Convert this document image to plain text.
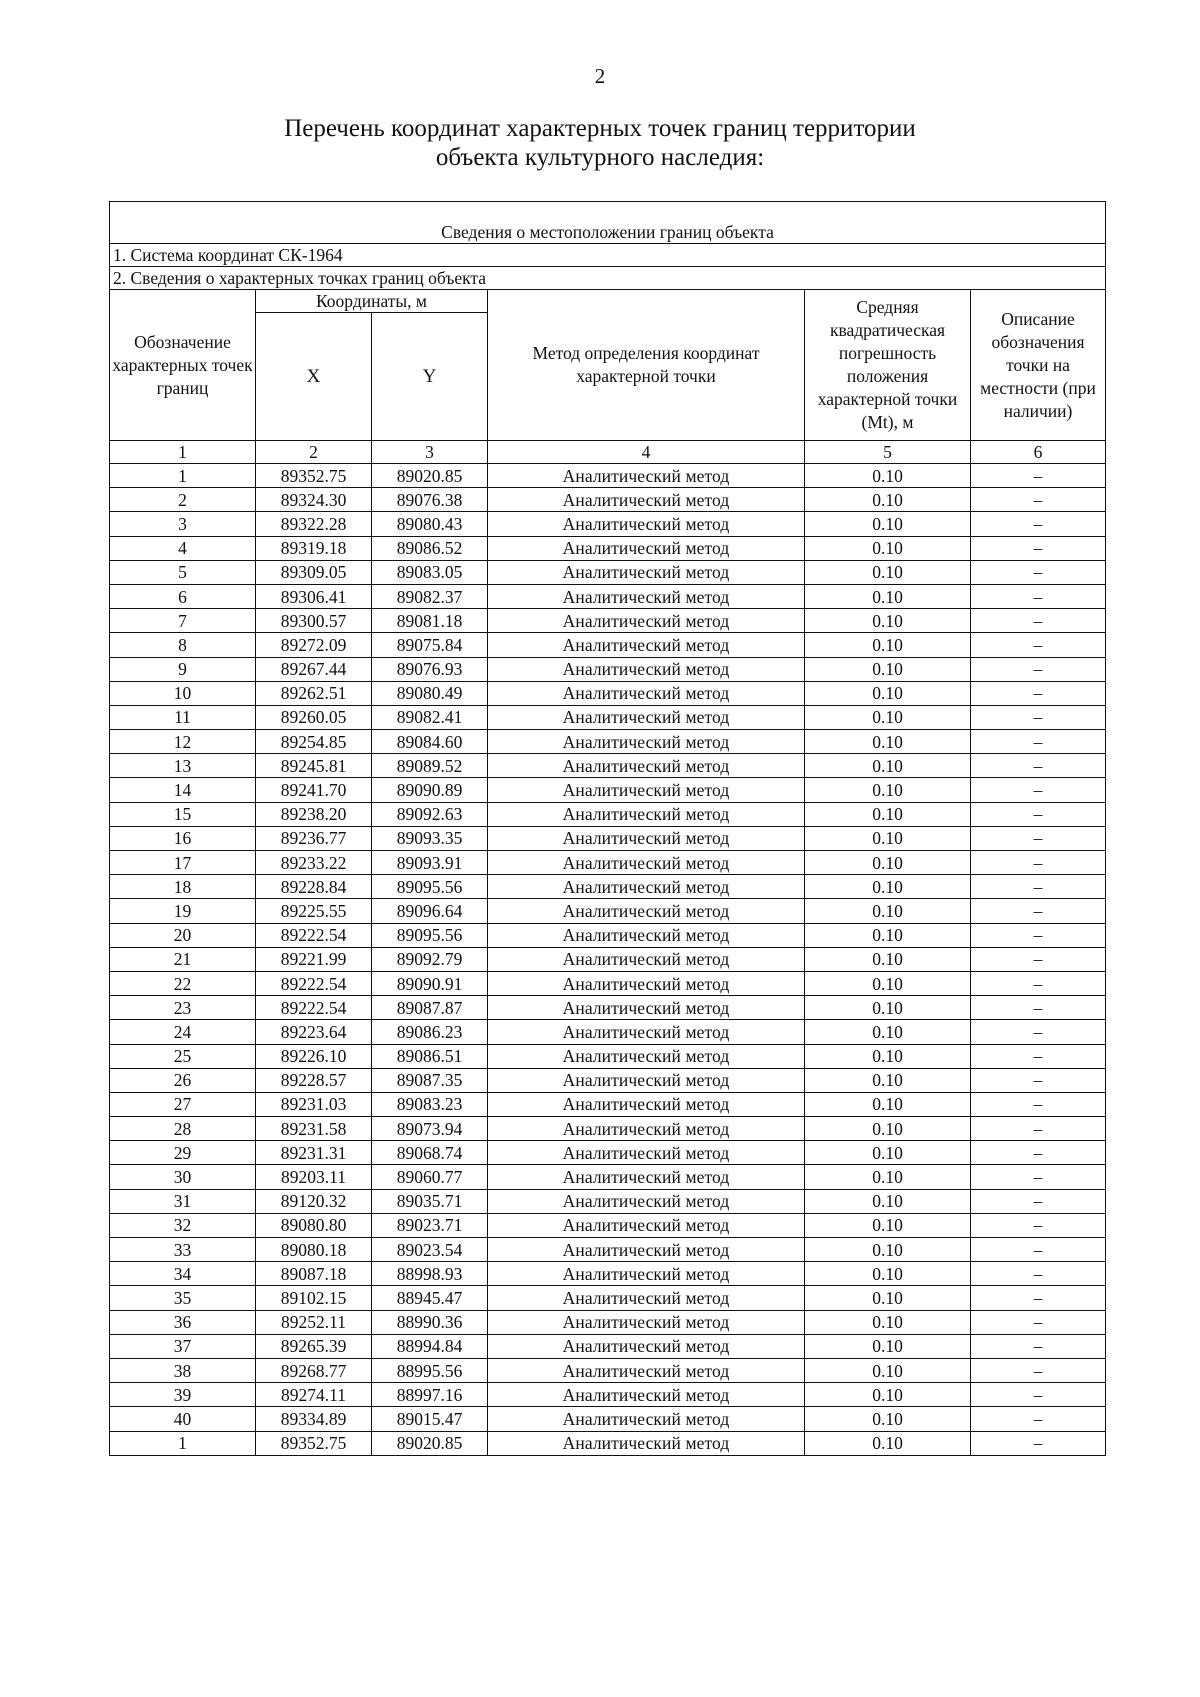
2
Перечень координат характерных точек границ территории
объекта культурного наследия:
Сведения о местоположении границ объекта					
1. Система координат СК-1964					
2. Сведения о характерных точках границ объекта					
Обозначение характерных точек границ	Координаты, м		Метод определения координат характерной точки	Средняя квадратическая погрешность положения характерной точки (Мt), м	Описание обозначения точки на местности (при наличии)
	X	Y			
1	2	3	4	5	6
1	89352.75	89020.85	Аналитический метод	0.10	–
2	89324.30	89076.38	Аналитический метод	0.10	–
3	89322.28	89080.43	Аналитический метод	0.10	–
4	89319.18	89086.52	Аналитический метод	0.10	–
5	89309.05	89083.05	Аналитический метод	0.10	–
6	89306.41	89082.37	Аналитический метод	0.10	–
7	89300.57	89081.18	Аналитический метод	0.10	–
8	89272.09	89075.84	Аналитический метод	0.10	–
9	89267.44	89076.93	Аналитический метод	0.10	–
10	89262.51	89080.49	Аналитический метод	0.10	–
11	89260.05	89082.41	Аналитический метод	0.10	–
12	89254.85	89084.60	Аналитический метод	0.10	–
13	89245.81	89089.52	Аналитический метод	0.10	–
14	89241.70	89090.89	Аналитический метод	0.10	–
15	89238.20	89092.63	Аналитический метод	0.10	–
16	89236.77	89093.35	Аналитический метод	0.10	–
17	89233.22	89093.91	Аналитический метод	0.10	–
18	89228.84	89095.56	Аналитический метод	0.10	–
19	89225.55	89096.64	Аналитический метод	0.10	–
20	89222.54	89095.56	Аналитический метод	0.10	–
21	89221.99	89092.79	Аналитический метод	0.10	–
22	89222.54	89090.91	Аналитический метод	0.10	–
23	89222.54	89087.87	Аналитический метод	0.10	–
24	89223.64	89086.23	Аналитический метод	0.10	–
25	89226.10	89086.51	Аналитический метод	0.10	–
26	89228.57	89087.35	Аналитический метод	0.10	–
27	89231.03	89083.23	Аналитический метод	0.10	–
28	89231.58	89073.94	Аналитический метод	0.10	–
29	89231.31	89068.74	Аналитический метод	0.10	–
30	89203.11	89060.77	Аналитический метод	0.10	–
31	89120.32	89035.71	Аналитический метод	0.10	–
32	89080.80	89023.71	Аналитический метод	0.10	–
33	89080.18	89023.54	Аналитический метод	0.10	–
34	89087.18	88998.93	Аналитический метод	0.10	–
35	89102.15	88945.47	Аналитический метод	0.10	–
36	89252.11	88990.36	Аналитический метод	0.10	–
37	89265.39	88994.84	Аналитический метод	0.10	–
38	89268.77	88995.56	Аналитический метод	0.10	–
39	89274.11	88997.16	Аналитический метод	0.10	–
40	89334.89	89015.47	Аналитический метод	0.10	–
1	89352.75	89020.85	Аналитический метод	0.10	–
